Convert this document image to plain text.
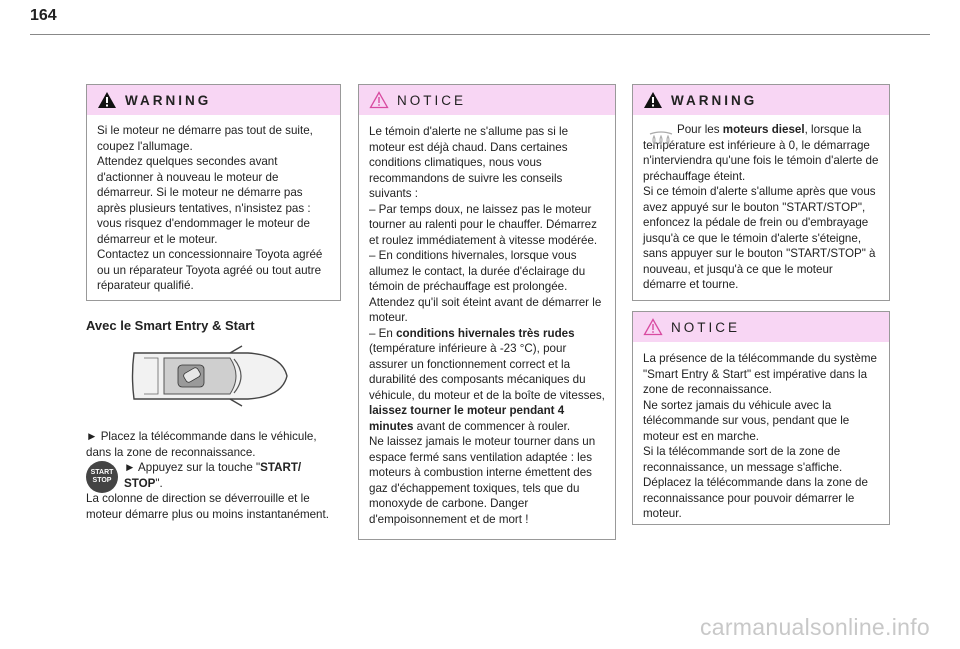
164
WARNING

Si le moteur ne démarre pas tout de suite, coupez l'allumage.

Attendez quelques secondes avant d'actionner à nouveau le moteur de démarreur. Si le moteur ne démarre pas après plusieurs tentatives, n'insistez pas : vous risquez d'endommager le moteur de démarreur et le moteur.

Contactez un concessionnaire Toyota agréé ou un réparateur Toyota agréé ou tout autre réparateur qualifié.

Avec le Smart Entry & Start
► Placez la télécommande dans le véhicule, dans la zone de reconnaissance.
START
STOP
► Appuyez sur la touche "START/ STOP".
La colonne de direction se déverrouille et le moteur démarre plus ou moins instantanément.
NOTICE

Le témoin d'alerte ne s'allume pas si le moteur est déjà chaud. Dans certaines conditions climatiques, nous vous recommandons de suivre les conseils suivants :

– Par temps doux, ne laissez pas le moteur tourner au ralenti pour le chauffer. Démarrez et roulez immédiatement à vitesse modérée.

– En conditions hivernales, lorsque vous allumez le contact, la durée d'éclairage du témoin de préchauffage est prolongée. Attendez qu'il soit éteint avant de démarrer le moteur.

– En conditions hivernales très rudes (température inférieure à -23 °C), pour assurer un fonctionnement correct et la durabilité des composants mécaniques du véhicule, du moteur et de la boîte de vitesses, laissez tourner le moteur pendant 4 minutes avant de commencer à rouler.

Ne laissez jamais le moteur tourner dans un espace fermé sans ventilation adaptée : les moteurs à combustion interne émettent des gaz d'échappement toxiques, tels que du monoxyde de carbone. Danger d'empoisonnement et de mort !

WARNING

Pour les moteurs diesel, lorsque la température est inférieure à 0, le démarrage n'interviendra qu'une fois le témoin d'alerte de préchauffage éteint.

Si ce témoin d'alerte s'allume après que vous avez appuyé sur le bouton "START/STOP", enfoncez la pédale de frein ou d'embrayage jusqu'à ce que le témoin d'alerte s'éteigne, sans appuyer sur le bouton "START/STOP" à nouveau, et jusqu'à ce que le moteur démarre et tourne.

NOTICE

La présence de la télécommande du système "Smart Entry & Start" est impérative dans la zone de reconnaissance.

Ne sortez jamais du véhicule avec la télécommande sur vous, pendant que le moteur est en marche.

Si la télécommande sort de la zone de reconnaissance, un message s'affiche. Déplacez la télécommande dans la zone de reconnaissance pour pouvoir démarrer le moteur.

carmanualsonline.info
